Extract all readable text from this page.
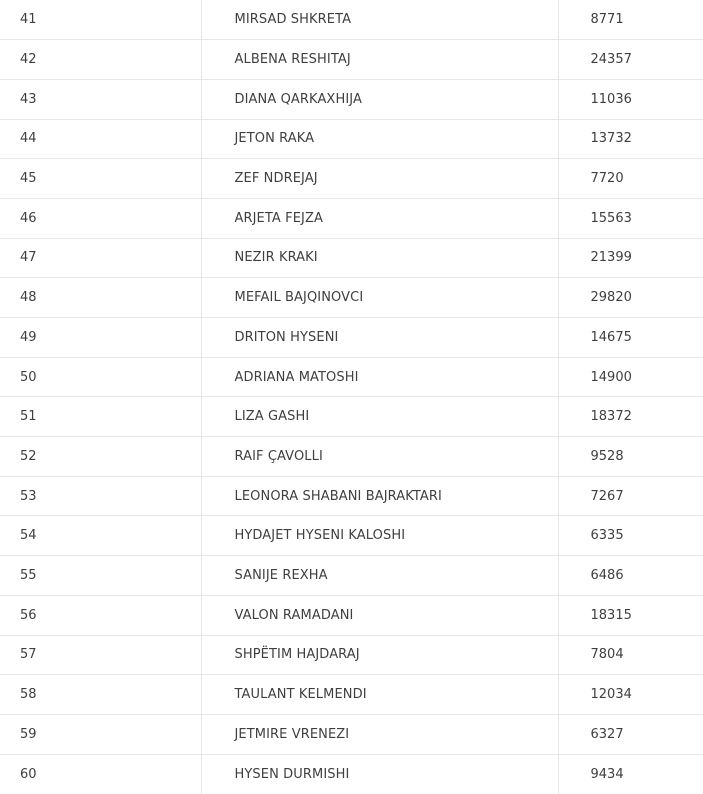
41	MIRSAD SHKRETA	8771
42	ALBENA RESHITAJ	24357
43	DIANA QARKAXHIJA	11036
44	JETON RAKA	13732
45	ZEF NDREJAJ	7720
46	ARJETA FEJZA	15563
47	NEZIR KRAKI	21399
48	MEFAIL BAJQINOVCI	29820
49	DRITON HYSENI	14675
50	ADRIANA MATOSHI	14900
51	LIZA GASHI	18372
52	RAIF ÇAVOLLI	9528
53	LEONORA SHABANI BAJRAKTARI	7267
54	HYDAJET HYSENI KALOSHI	6335
55	SANIJE REXHA	6486
56	VALON RAMADANI	18315
57	SHPËTIM HAJDARAJ	7804
58	TAULANT KELMENDI	12034
59	JETMIRE VRENEZI	6327
60	HYSEN DURMISHI	9434
